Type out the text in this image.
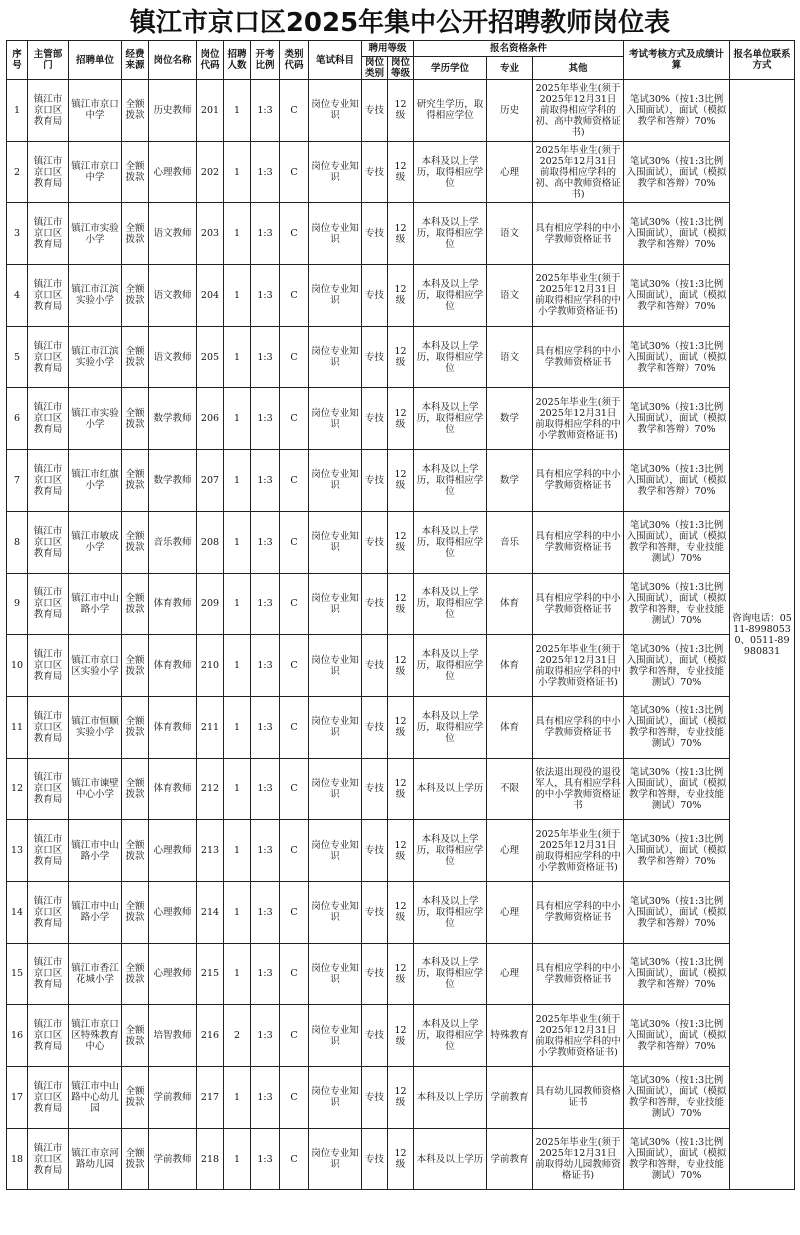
镇江市京口区2025年集中公开招聘教师岗位表
序号	主管部门	招聘单位	经费来源	岗位名称	岗位代码	招聘人数	开考比例	类别代码	笔试科目	聘用等级		报名资格条件			考试考核方式及成绩计算	报名单位联系方式
										岗位类别	岗位等级	学历学位	专业	其他		
1	镇江市京口区教育局	镇江市京口中学	全额拨款	历史教师	201	1	1:3	C	岗位专业知识	专技	12级	研究生学历，取得相应学位	历史	2025年毕业生(须于2025年12月31日前取得相应学科的初、高中教师资格证书)	笔试30%（按1:3比例入围面试），面试（模拟教学和答辩）70%	咨询电话：0511-89980530、0511-89980831
2	镇江市京口区教育局	镇江市京口中学	全额拨款	心理教师	202	1	1:3	C	岗位专业知识	专技	12级	本科及以上学历，取得相应学位	心理	2025年毕业生(须于2025年12月31日前取得相应学科的初、高中教师资格证书)	笔试30%（按1:3比例入围面试），面试（模拟教学和答辩）70%	
3	镇江市京口区教育局	镇江市实验小学	全额拨款	语文教师	203	1	1:3	C	岗位专业知识	专技	12级	本科及以上学历，取得相应学位	语文	具有相应学科的中小学教师资格证书	笔试30%（按1:3比例入围面试），面试（模拟教学和答辩）70%	
4	镇江市京口区教育局	镇江市江滨实验小学	全额拨款	语文教师	204	1	1:3	C	岗位专业知识	专技	12级	本科及以上学历，取得相应学位	语文	2025年毕业生(须于2025年12月31日前取得相应学科的中小学教师资格证书)	笔试30%（按1:3比例入围面试），面试（模拟教学和答辩）70%	
5	镇江市京口区教育局	镇江市江滨实验小学	全额拨款	语文教师	205	1	1:3	C	岗位专业知识	专技	12级	本科及以上学历，取得相应学位	语文	具有相应学科的中小学教师资格证书	笔试30%（按1:3比例入围面试），面试（模拟教学和答辩）70%	
6	镇江市京口区教育局	镇江市实验小学	全额拨款	数学教师	206	1	1:3	C	岗位专业知识	专技	12级	本科及以上学历，取得相应学位	数学	2025年毕业生(须于2025年12月31日前取得相应学科的中小学教师资格证书)	笔试30%（按1:3比例入围面试），面试（模拟教学和答辩）70%	
7	镇江市京口区教育局	镇江市红旗小学	全额拨款	数学教师	207	1	1:3	C	岗位专业知识	专技	12级	本科及以上学历，取得相应学位	数学	具有相应学科的中小学教师资格证书	笔试30%（按1:3比例入围面试），面试（模拟教学和答辩）70%	
8	镇江市京口区教育局	镇江市敏成小学	全额拨款	音乐教师	208	1	1:3	C	岗位专业知识	专技	12级	本科及以上学历，取得相应学位	音乐	具有相应学科的中小学教师资格证书	笔试30%（按1:3比例入围面试），面试（模拟教学和答辩，专业技能测试）70%	
9	镇江市京口区教育局	镇江市中山路小学	全额拨款	体育教师	209	1	1:3	C	岗位专业知识	专技	12级	本科及以上学历，取得相应学位	体育	具有相应学科的中小学教师资格证书	笔试30%（按1:3比例入围面试），面试（模拟教学和答辩，专业技能测试）70%	
10	镇江市京口区教育局	镇江市京口区实验小学	全额拨款	体育教师	210	1	1:3	C	岗位专业知识	专技	12级	本科及以上学历，取得相应学位	体育	2025年毕业生(须于2025年12月31日前取得相应学科的中小学教师资格证书)	笔试30%（按1:3比例入围面试），面试（模拟教学和答辩，专业技能测试）70%	
11	镇江市京口区教育局	镇江市恒顺实验小学	全额拨款	体育教师	211	1	1:3	C	岗位专业知识	专技	12级	本科及以上学历，取得相应学位	体育	具有相应学科的中小学教师资格证书	笔试30%（按1:3比例入围面试），面试（模拟教学和答辩，专业技能测试）70%	
12	镇江市京口区教育局	镇江市谏壁中心小学	全额拨款	体育教师	212	1	1:3	C	岗位专业知识	专技	12级	本科及以上学历	不限	依法退出现役的退役军人，具有相应学科的中小学教师资格证书	笔试30%（按1:3比例入围面试），面试（模拟教学和答辩，专业技能测试）70%	
13	镇江市京口区教育局	镇江市中山路小学	全额拨款	心理教师	213	1	1:3	C	岗位专业知识	专技	12级	本科及以上学历，取得相应学位	心理	2025年毕业生(须于2025年12月31日前取得相应学科的中小学教师资格证书)	笔试30%（按1:3比例入围面试），面试（模拟教学和答辩）70%	
14	镇江市京口区教育局	镇江市中山路小学	全额拨款	心理教师	214	1	1:3	C	岗位专业知识	专技	12级	本科及以上学历，取得相应学位	心理	具有相应学科的中小学教师资格证书	笔试30%（按1:3比例入围面试），面试（模拟教学和答辩）70%	
15	镇江市京口区教育局	镇江市香江花城小学	全额拨款	心理教师	215	1	1:3	C	岗位专业知识	专技	12级	本科及以上学历，取得相应学位	心理	具有相应学科的中小学教师资格证书	笔试30%（按1:3比例入围面试），面试（模拟教学和答辩）70%	
16	镇江市京口区教育局	镇江市京口区特殊教育中心	全额拨款	培智教师	216	2	1:3	C	岗位专业知识	专技	12级	本科及以上学历，取得相应学位	特殊教育	2025年毕业生(须于2025年12月31日前取得相应学科的中小学教师资格证书)	笔试30%（按1:3比例入围面试），面试（模拟教学和答辩）70%	
17	镇江市京口区教育局	镇江市中山路中心幼儿园	全额拨款	学前教师	217	1	1:3	C	岗位专业知识	专技	12级	本科及以上学历	学前教育	具有幼儿园教师资格证书	笔试30%（按1:3比例入围面试），面试（模拟教学和答辩，专业技能测试）70%	
18	镇江市京口区教育局	镇江市京河路幼儿园	全额拨款	学前教师	218	1	1:3	C	岗位专业知识	专技	12级	本科及以上学历	学前教育	2025年毕业生(须于2025年12月31日前取得幼儿园教师资格证书)	笔试30%（按1:3比例入围面试），面试（模拟教学和答辩，专业技能测试）70%	
